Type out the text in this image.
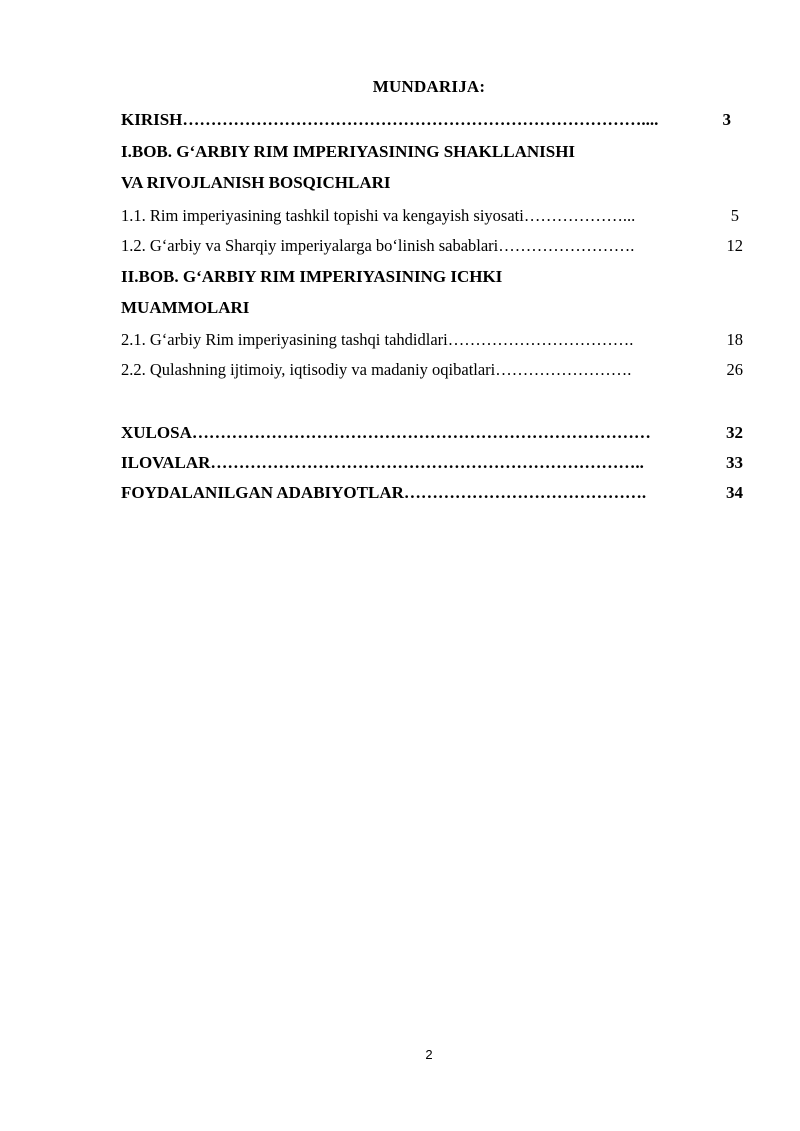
MUNDARIJA:
KIRISH………………………………………………………………………....	3
I.BOB. G‘ARBIY RIM IMPERIYASINING SHAKLLANISHI
VA RIVOJLANISH BOSQICHLARI
1.1. Rim imperiyasining tashkil topishi va kengayish siyosati………………...	5
1.2. G‘arbiy va Sharqiy imperiyalarga bo‘linish sabablari…………………….	12
II.BOB. G‘ARBIY RIM IMPERIYASINING ICHKI
MUAMMOLARI
2.1. G‘arbiy Rim imperiyasining tashqi tahdidlari…………………………….	18
2.2. Qulashning ijtimoiy, iqtisodiy va madaniy oqibatlari…………………….	26
XULOSA………………………………………………………………………	32
ILOVALAR…………………………………………………………………..	33
FOYDALANILGAN ADABIYOTLAR…………………………………….	34
2
